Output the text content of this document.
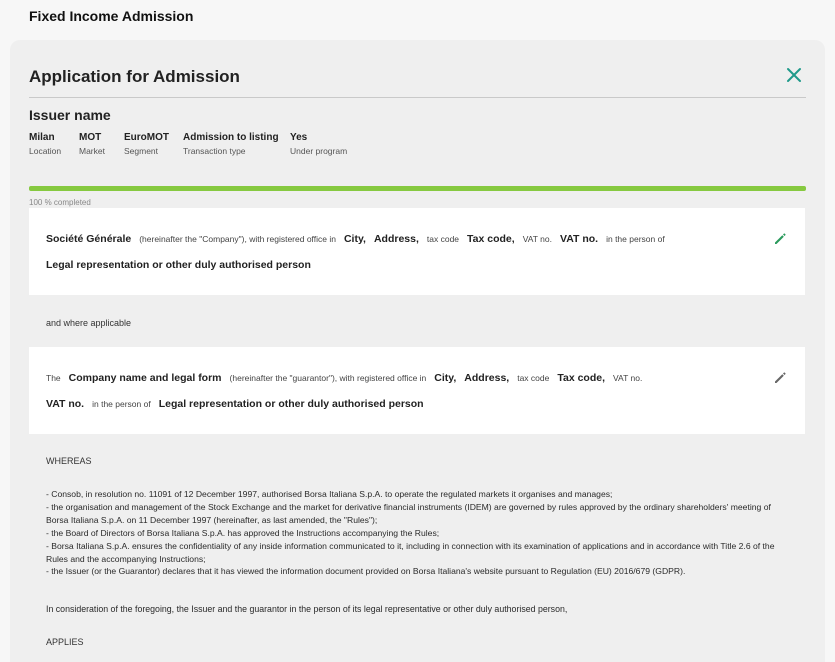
Fixed Income Admission
Application for Admission
Issuer name
Milan
Location
MOT
Market
EuroMOT
Segment
Admission to listing
Transaction type
Yes
Under program
100 % completed
Société Générale (hereinafter the "Company"), with registered office in City, Address, tax code Tax code, VAT no. VAT no. in the person of
Legal representation or other duly authorised person
and where applicable
The Company name and legal form (hereinafter the "guarantor"), with registered office in City, Address, tax code Tax code, VAT no.
VAT no. in the person of Legal representation or other duly authorised person
WHEREAS
- Consob, in resolution no. 11091 of 12 December 1997, authorised Borsa Italiana S.p.A. to operate the regulated markets it organises and manages;
- the organisation and management of the Stock Exchange and the market for derivative financial instruments (IDEM) are governed by rules approved by the ordinary shareholders' meeting of Borsa Italiana S.p.A. on 11 December 1997 (hereinafter, as last amended, the "Rules");
- the Board of Directors of Borsa Italiana S.p.A. has approved the Instructions accompanying the Rules;
- Borsa Italiana S.p.A. ensures the confidentiality of any inside information communicated to it, including in connection with its examination of applications and in accordance with Title 2.6 of the Rules and the accompanying Instructions;
- the Issuer (or the Guarantor) declares that it has viewed the information document provided on Borsa Italiana's website pursuant to Regulation (EU) 2016/679 (GDPR).
In consideration of the foregoing, the Issuer and the guarantor in the person of its legal representative or other duly authorised person,
APPLIES
